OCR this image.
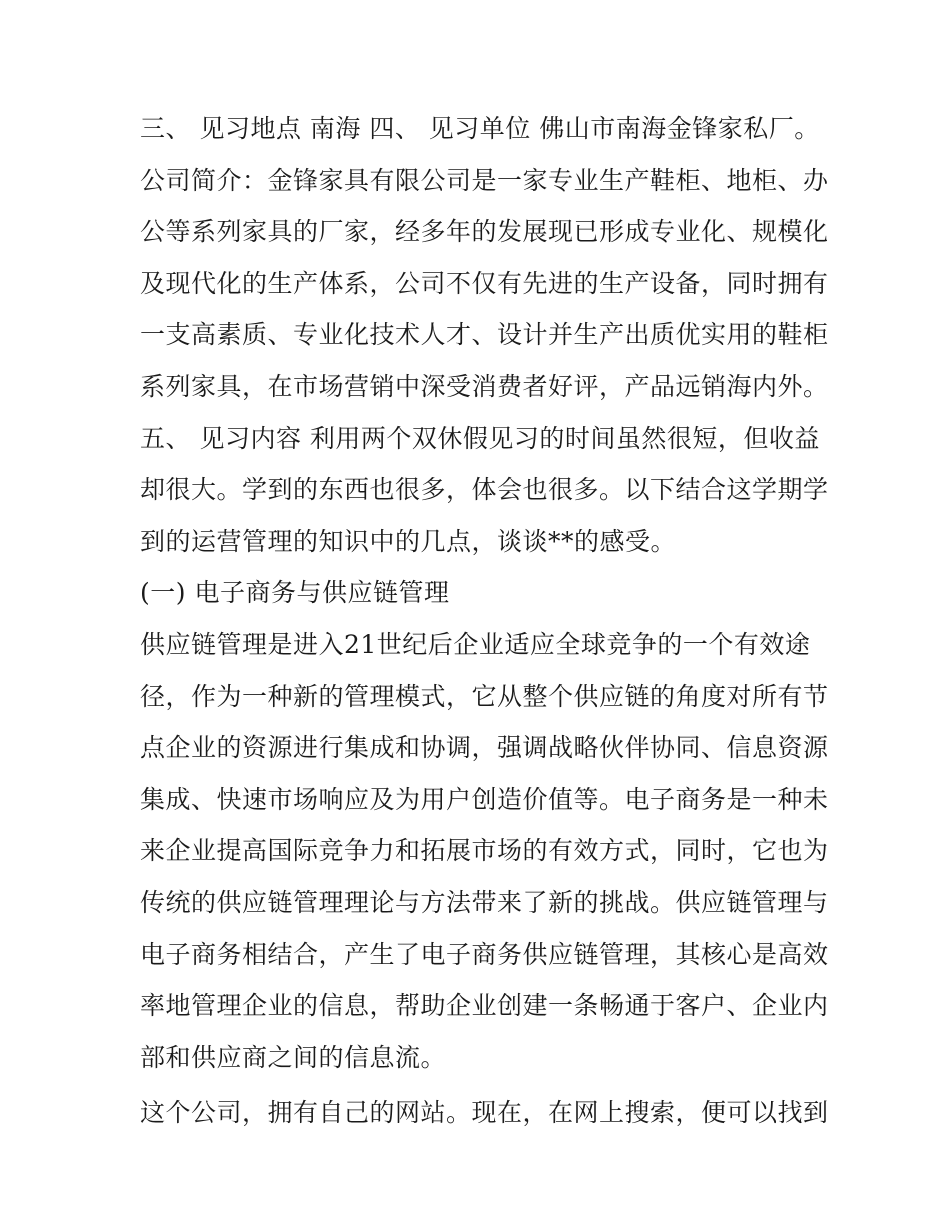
三、 见习地点 南海 四、 见习单位 佛山市南海金锋家私厂。
公司简介：金锋家具有限公司是一家专业生产鞋柜、地柜、办
公等系列家具的厂家，经多年的发展现已形成专业化、规模化
及现代化的生产体系，公司不仅有先进的生产设备，同时拥有
一支高素质、专业化技术人才、设计并生产出质优实用的鞋柜
系列家具，在市场营销中深受消费者好评，产品远销海内外。
五、 见习内容 利用两个双休假见习的时间虽然很短，但收益
却很大。学到的东西也很多，体会也很多。以下结合这学期学
到的运营管理的知识中的几点，谈谈**的感受。
(一) 电子商务与供应链管理
供应链管理是进入21世纪后企业适应全球竞争的一个有效途
径，作为一种新的管理模式，它从整个供应链的角度对所有节
点企业的资源进行集成和协调，强调战略伙伴协同、信息资源
集成、快速市场响应及为用户创造价值等。电子商务是一种未
来企业提高国际竞争力和拓展市场的有效方式，同时，它也为
传统的供应链管理理论与方法带来了新的挑战。供应链管理与
电子商务相结合，产生了电子商务供应链管理，其核心是高效
率地管理企业的信息，帮助企业创建一条畅通于客户、企业内
部和供应商之间的信息流。
这个公司，拥有自己的网站。现在，在网上搜索，便可以找到
